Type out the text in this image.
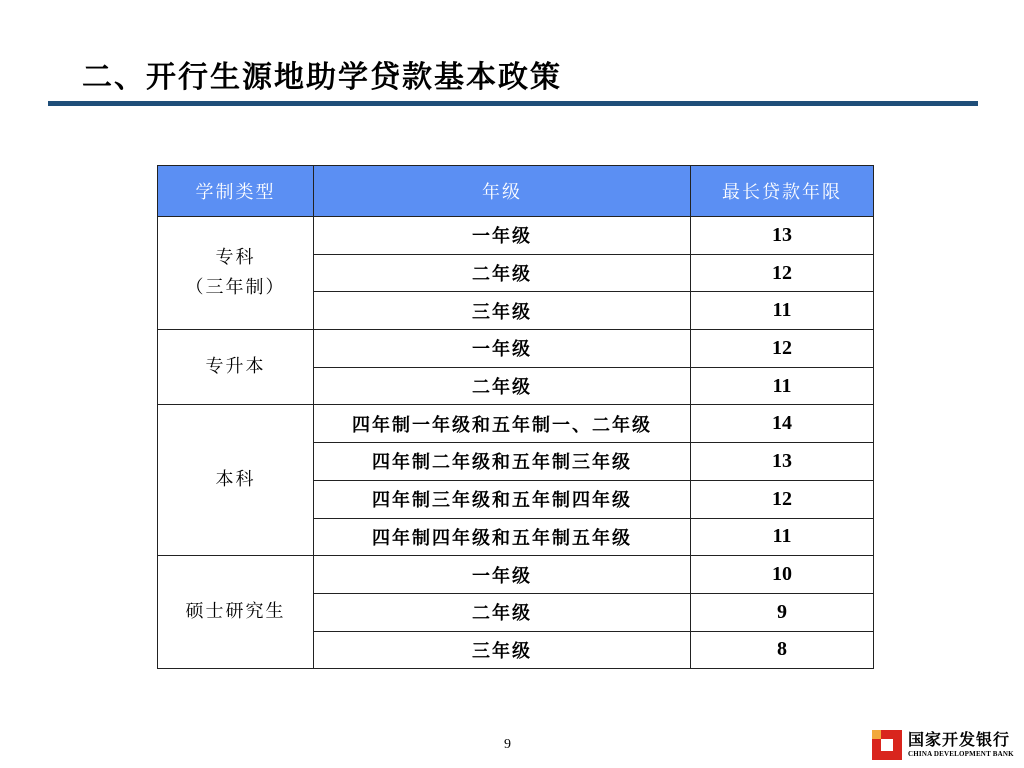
二、开行生源地助学贷款基本政策
学制类型	年级	最长贷款年限

专科
（三年制）	一年级	13
	二年级	12
	三年级	11

专升本	一年级	12
	二年级	11

本科	四年制一年级和五年制一、二年级	14
	四年制二年级和五年制三年级	13
	四年制三年级和五年制四年级	12
	四年制四年级和五年制五年级	11

硕士研究生	一年级	10
	二年级	9
	三年级	8
9	国家开发银行
CHINA DEVELOPMENT BANK
